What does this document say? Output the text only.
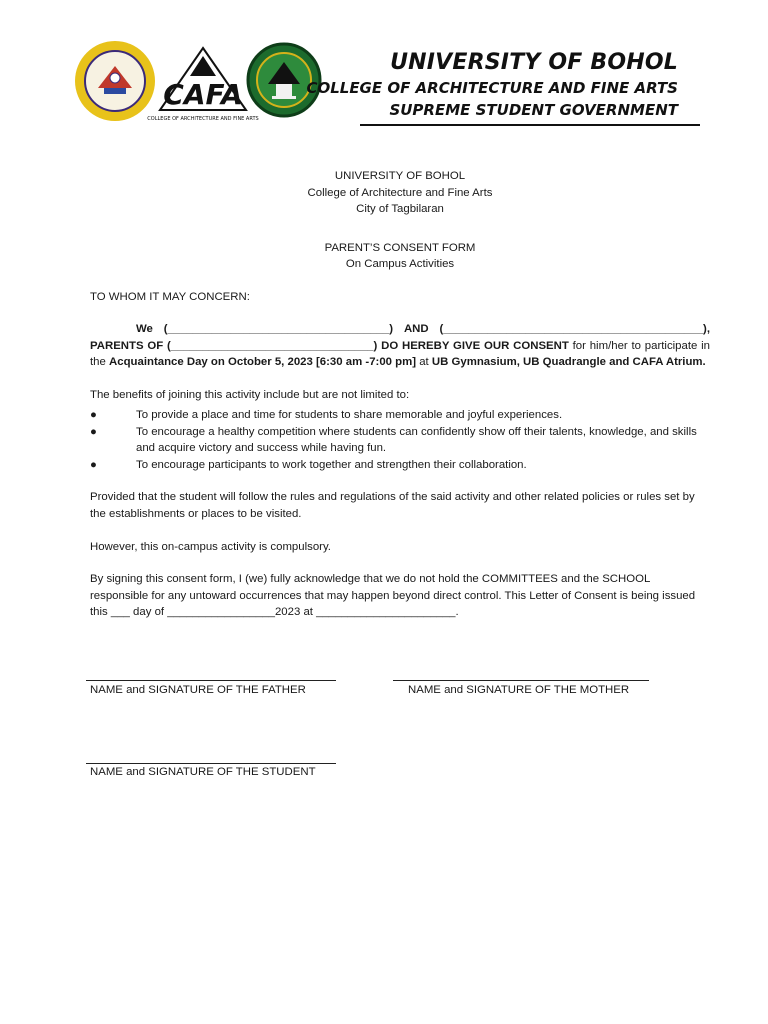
CAFA
COLLEGE OF ARCHITECTURE AND FINE ARTS
UNIVERSITY OF BOHOL
COLLEGE OF ARCHITECTURE AND FINE ARTS
SUPREME STUDENT GOVERNMENT

UNIVERSITY OF BOHOL

College of Architecture and Fine Arts

City of Tagbilaran

PARENT’S CONSENT FORM

On Campus Activities

TO WHOM IT MAY CONCERN:

We (___________________________________) AND (_________________________________________),

PARENTS OF (________________________________) DO HEREBY GIVE OUR CONSENT for him/her to participate in the Acquaintance Day on October 5, 2023 [6:30 am -7:00 pm] at UB Gymnasium, UB Quadrangle and CAFA Atrium.

The benefits of joining this activity include but are not limited to:

●	To provide a place and time for students to share memorable and joyful experiences.
●	To encourage a healthy competition where students can confidently show off their talents, knowledge, and skills and acquire victory and success while having fun.
●	To encourage participants to work together and strengthen their collaboration.

Provided that the student will follow the rules and regulations of the said activity and other related policies or rules set by the establishments or places to be visited.

However, this on-campus activity is compulsory.

By signing this consent form, I (we) fully acknowledge that we do not hold the COMMITTEES and the SCHOOL responsible for any untoward occurrences that may happen beyond direct control. This Letter of Consent is being issued this ___ day of _________________2023 at ______________________.

NAME and SIGNATURE OF THE FATHER	NAME and SIGNATURE OF THE MOTHER
NAME and SIGNATURE OF THE STUDENT
